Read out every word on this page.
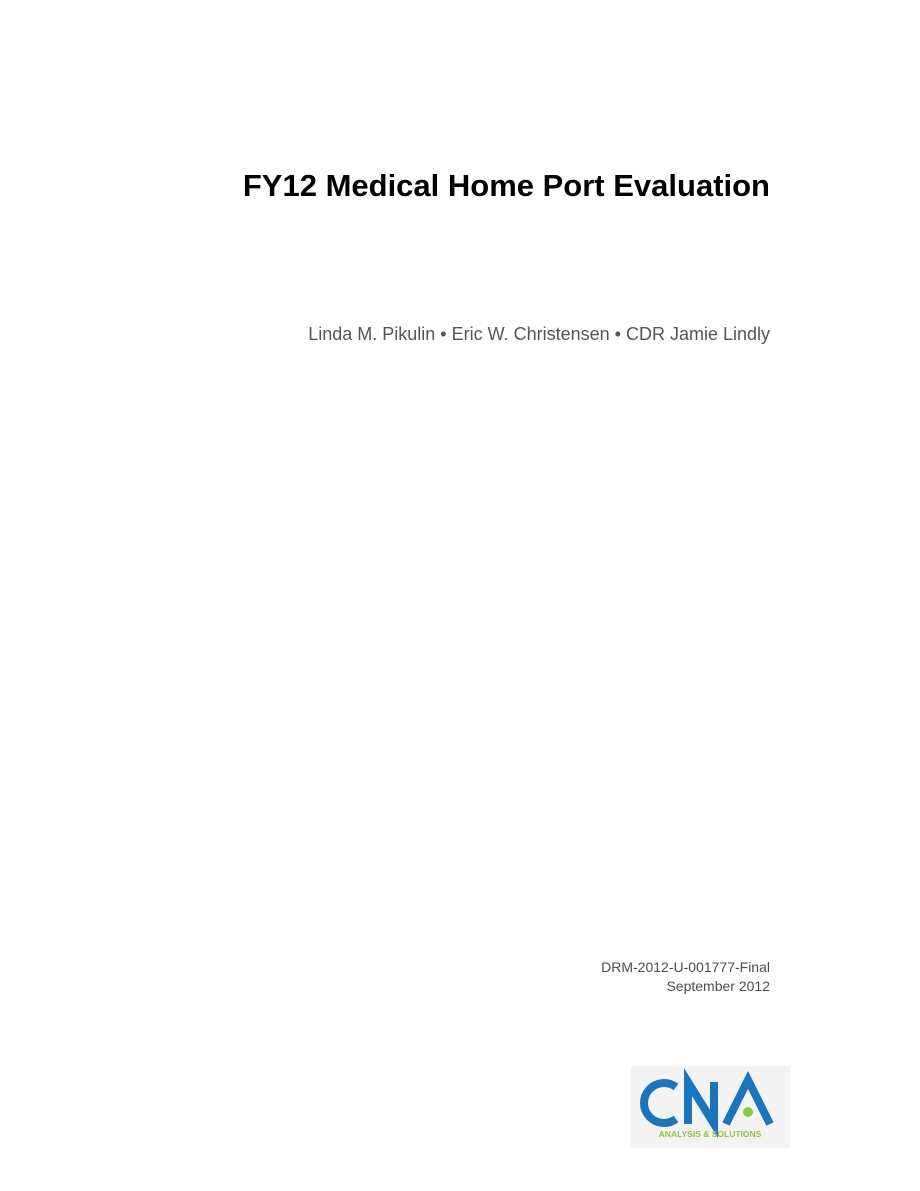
FY12 Medical Home Port Evaluation
Linda M. Pikulin • Eric W. Christensen • CDR Jamie Lindly
DRM-2012-U-001777-Final
September 2012
ANALYSIS & SOLUTIONS
